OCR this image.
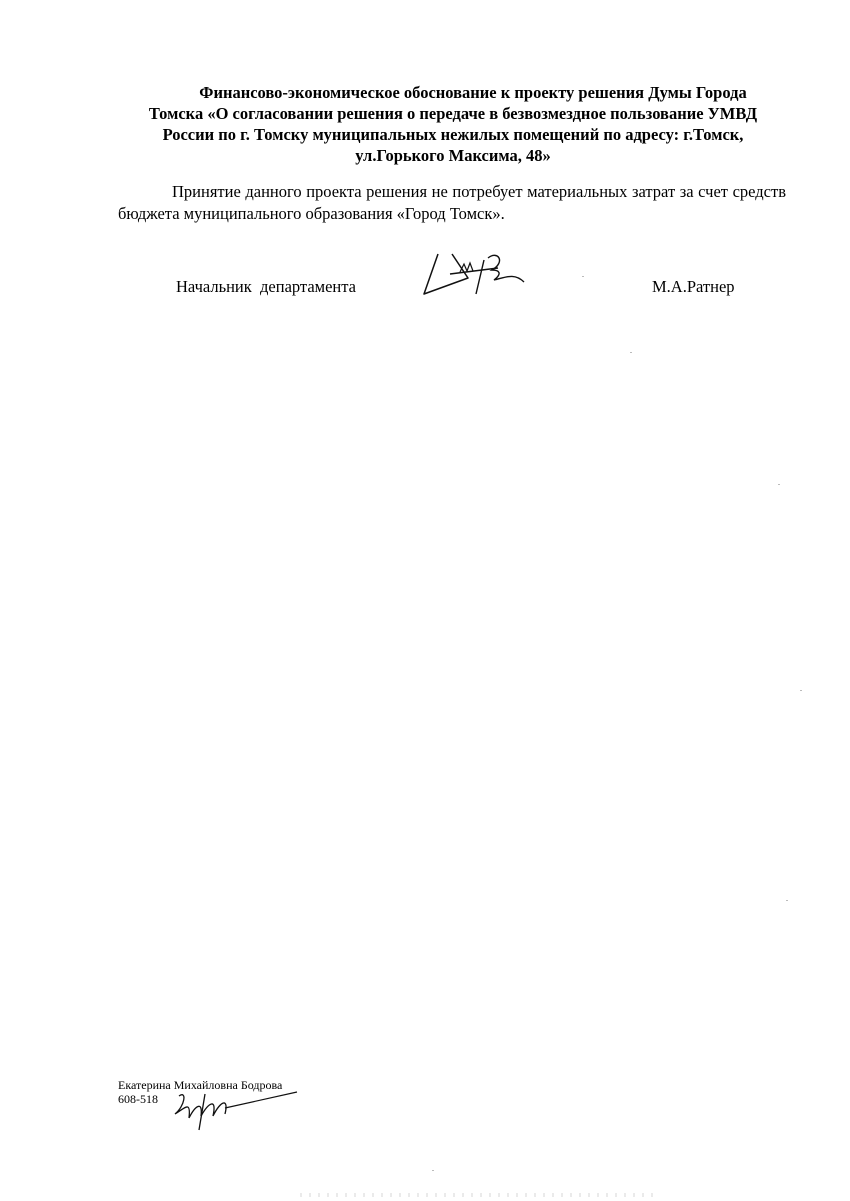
Финансово-экономическое обоснование к проекту решения Думы Города
Томска «О согласовании решения о передаче в безвозмездное пользование УМВД
России по г. Томску муниципальных нежилых помещений по адресу: г.Томск,
ул.Горького Максима, 48»
Принятие данного проекта решения не потребует материальных затрат за счет средств бюджета муниципального образования «Город Томск».
Начальник  департамента	М.А.Ратнер
Екатерина Михайловна Бодрова
608-518
